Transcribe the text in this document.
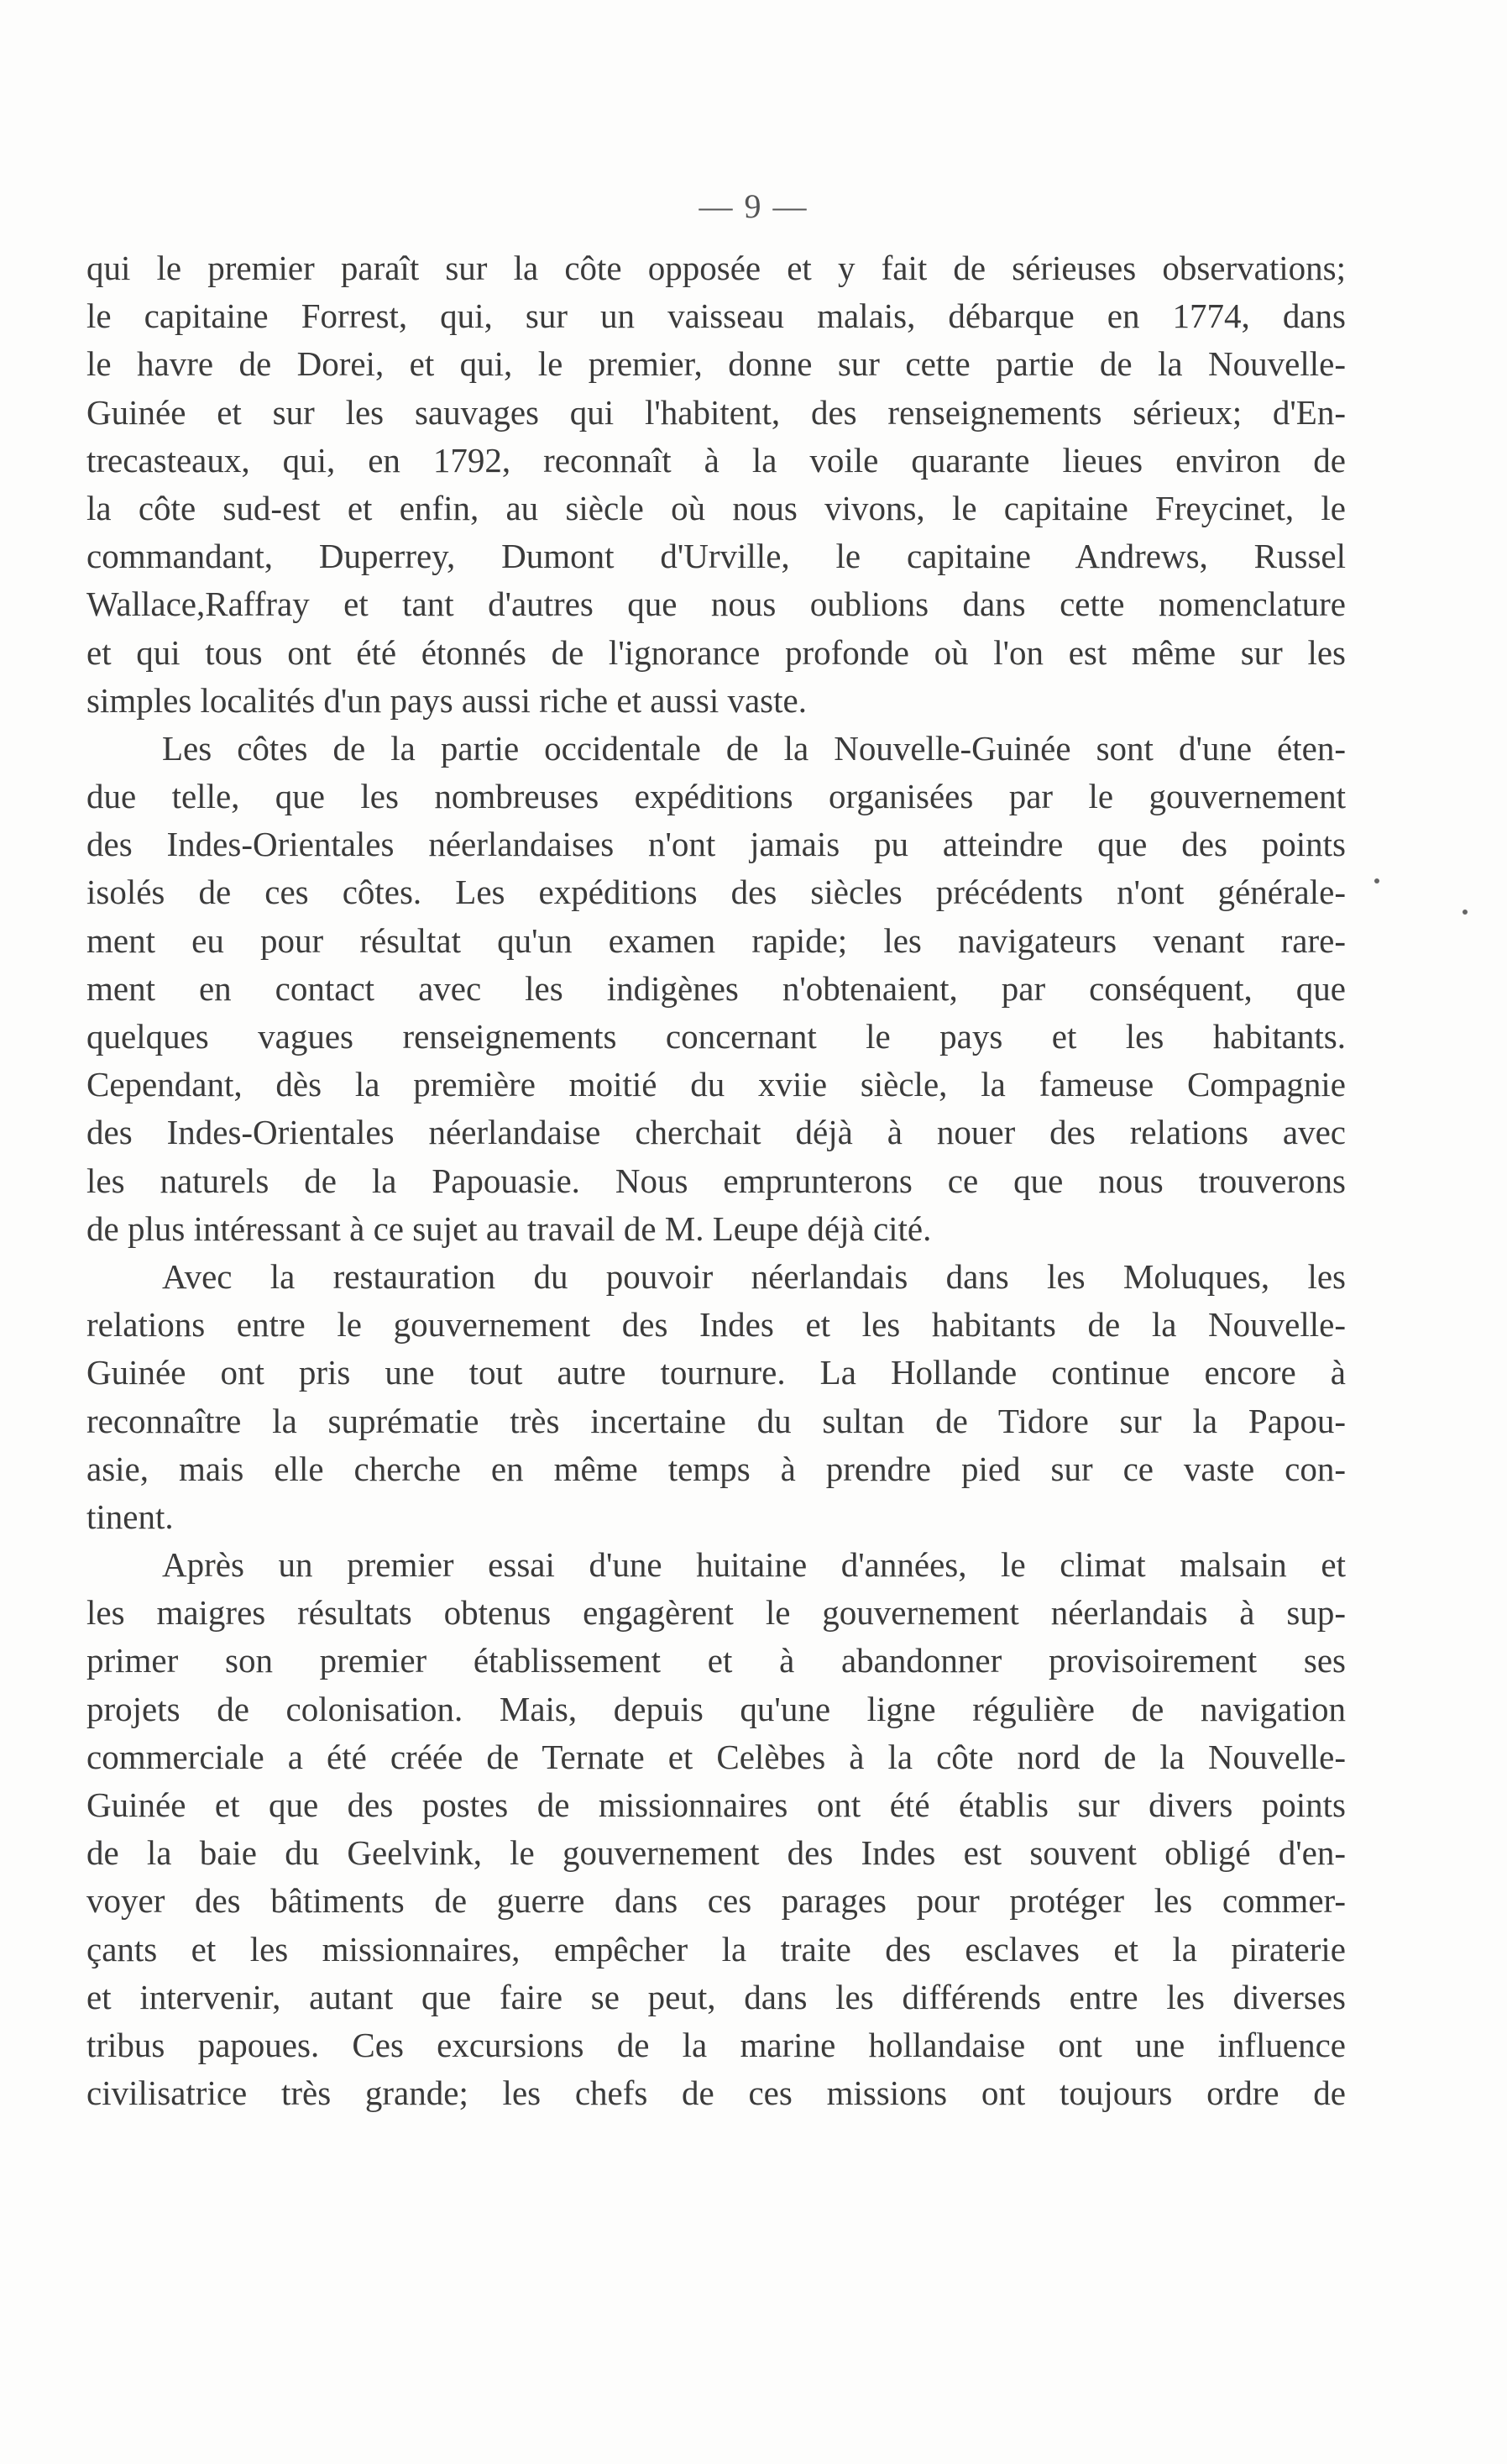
— 9 —
qui le premier paraît sur la côte opposée et y fait de sérieuses observations;
le capitaine Forrest, qui, sur un vaisseau malais, débarque en 1774, dans
le havre de Dorei, et qui, le premier, donne sur cette partie de la Nouvelle-
Guinée et sur les sauvages qui l'habitent, des renseignements sérieux; d'En-
trecasteaux, qui, en 1792, reconnaît à la voile quarante lieues environ de
la côte sud-est et enfin, au siècle où nous vivons, le capitaine Freycinet, le
commandant, Duperrey, Dumont d'Urville, le capitaine Andrews, Russel
Wallace,Raffray et tant d'autres que nous oublions dans cette nomenclature
et qui tous ont été étonnés de l'ignorance profonde où l'on est même sur les
simples localités d'un pays aussi riche et aussi vaste.
Les côtes de la partie occidentale de la Nouvelle-Guinée sont d'une éten-
due telle, que les nombreuses expéditions organisées par le gouvernement
des Indes-Orientales néerlandaises n'ont jamais pu atteindre que des points
isolés de ces côtes. Les expéditions des siècles précédents n'ont générale-
ment eu pour résultat qu'un examen rapide; les navigateurs venant rare-
ment en contact avec les indigènes n'obtenaient, par conséquent, que
quelques vagues renseignements concernant le pays et les habitants.
Cependant, dès la première moitié du xviie siècle, la fameuse Compagnie
des Indes-Orientales néerlandaise cherchait déjà à nouer des relations avec
les naturels de la Papouasie. Nous emprunterons ce que nous trouverons
de plus intéressant à ce sujet au travail de M. Leupe déjà cité.
Avec la restauration du pouvoir néerlandais dans les Moluques, les
relations entre le gouvernement des Indes et les habitants de la Nouvelle-
Guinée ont pris une tout autre tournure. La Hollande continue encore à
reconnaître la suprématie très incertaine du sultan de Tidore sur la Papou-
asie, mais elle cherche en même temps à prendre pied sur ce vaste con-
tinent.
Après un premier essai d'une huitaine d'années, le climat malsain et
les maigres résultats obtenus engagèrent le gouvernement néerlandais à sup-
primer son premier établissement et à abandonner provisoirement ses
projets de colonisation. Mais, depuis qu'une ligne régulière de navigation
commerciale a été créée de Ternate et Celèbes à la côte nord de la Nouvelle-
Guinée et que des postes de missionnaires ont été établis sur divers points
de la baie du Geelvink, le gouvernement des Indes est souvent obligé d'en-
voyer des bâtiments de guerre dans ces parages pour protéger les commer-
çants et les missionnaires, empêcher la traite des esclaves et la piraterie
et intervenir, autant que faire se peut, dans les différends entre les diverses
tribus papoues. Ces excursions de la marine hollandaise ont une influence
civilisatrice très grande; les chefs de ces missions ont toujours ordre de
